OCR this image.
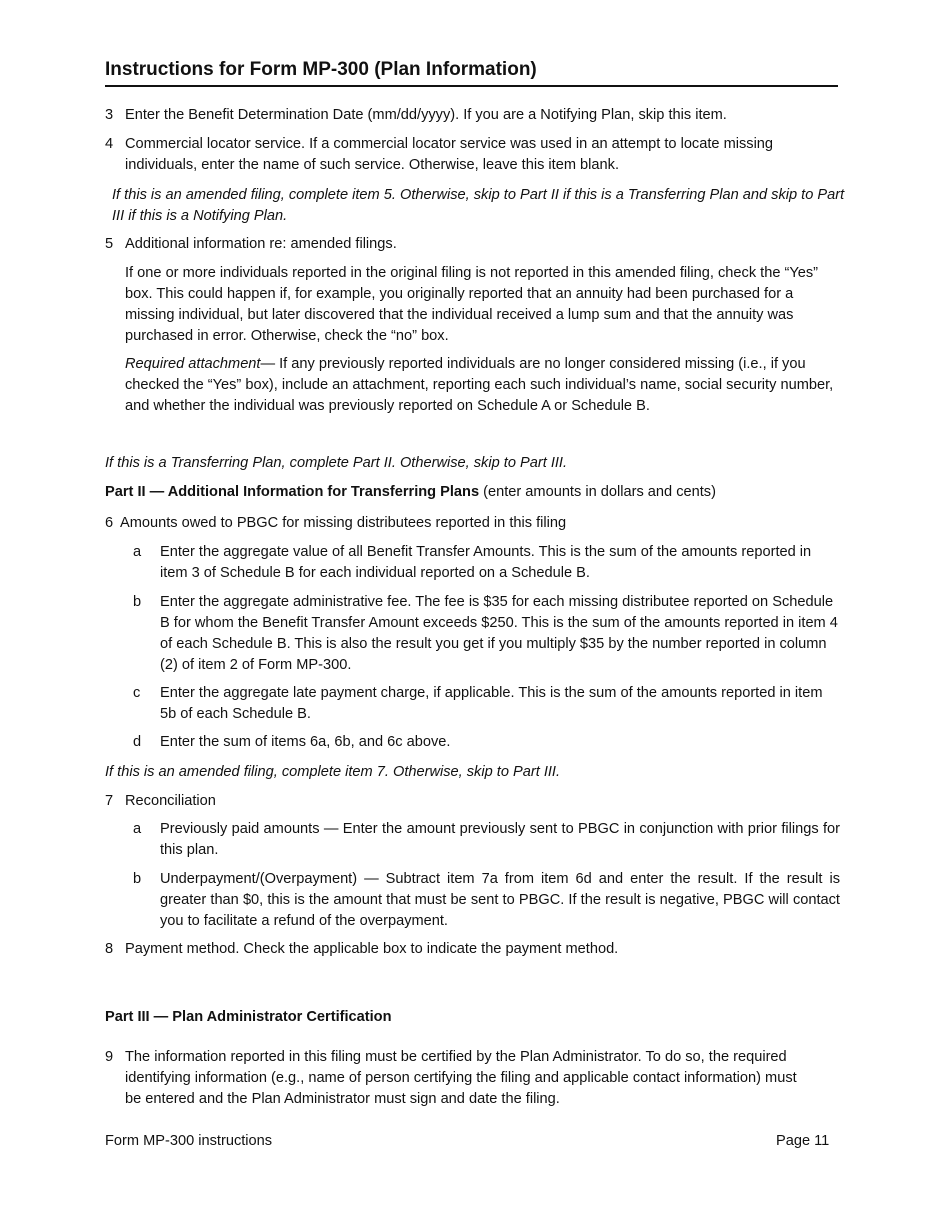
Instructions for Form MP-300 (Plan Information)
3 Enter the Benefit Determination Date (mm/dd/yyyy). If you are a Notifying Plan, skip this item.
4 Commercial locator service. If a commercial locator service was used in an attempt to locate missing individuals, enter the name of such service. Otherwise, leave this item blank.
If this is an amended filing, complete item 5. Otherwise, skip to Part II if this is a Transferring Plan and skip to Part III if this is a Notifying Plan.
5 Additional information re: amended filings.
If one or more individuals reported in the original filing is not reported in this amended filing, check the “Yes” box. This could happen if, for example, you originally reported that an annuity had been purchased for a missing individual, but later discovered that the individual received a lump sum and that the annuity was purchased in error. Otherwise, check the “no” box.
Required attachment— If any previously reported individuals are no longer considered missing (i.e., if you checked the “Yes” box), include an attachment, reporting each such individual’s name, social security number, and whether the individual was previously reported on Schedule A or Schedule B.
If this is a Transferring Plan, complete Part II. Otherwise, skip to Part III.
Part II — Additional Information for Transferring Plans (enter amounts in dollars and cents)
6 Amounts owed to PBGC for missing distributees reported in this filing
a Enter the aggregate value of all Benefit Transfer Amounts. This is the sum of the amounts reported in item 3 of Schedule B for each individual reported on a Schedule B.
b Enter the aggregate administrative fee. The fee is $35 for each missing distributee reported on Schedule B for whom the Benefit Transfer Amount exceeds $250. This is the sum of the amounts reported in item 4 of each Schedule B. This is also the result you get if you multiply $35 by the number reported in column (2) of item 2 of Form MP-300.
c Enter the aggregate late payment charge, if applicable. This is the sum of the amounts reported in item 5b of each Schedule B.
d Enter the sum of items 6a, 6b, and 6c above.
If this is an amended filing, complete item 7. Otherwise, skip to Part III.
7 Reconciliation
a Previously paid amounts — Enter the amount previously sent to PBGC in conjunction with prior filings for this plan.
b Underpayment/(Overpayment) — Subtract item 7a from item 6d and enter the result. If the result is greater than $0, this is the amount that must be sent to PBGC. If the result is negative, PBGC will contact you to facilitate a refund of the overpayment.
8 Payment method. Check the applicable box to indicate the payment method.
Part III — Plan Administrator Certification
9 The information reported in this filing must be certified by the Plan Administrator. To do so, the required identifying information (e.g., name of person certifying the filing and applicable contact information) must be entered and the Plan Administrator must sign and date the filing.
Form MP-300 instructions	Page 11
